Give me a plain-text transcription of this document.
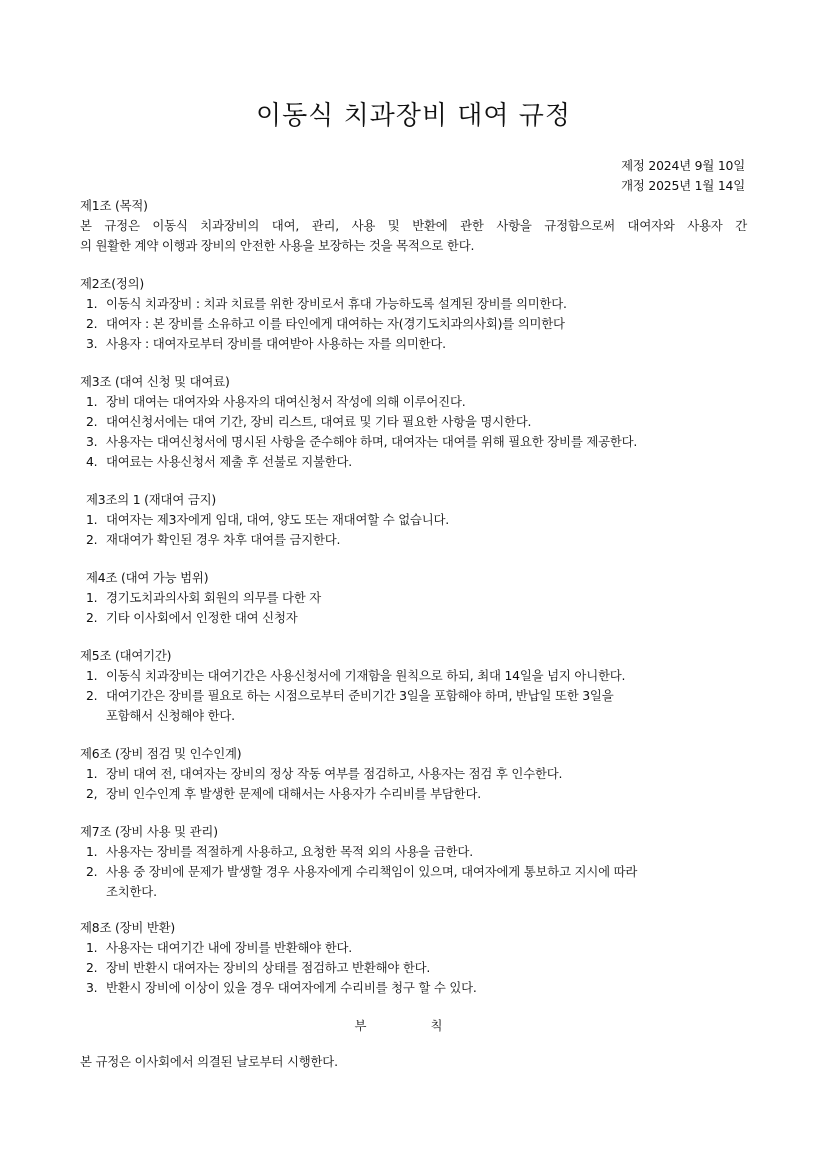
이동식 치과장비 대여 규정
제정 2024년 9월 10일
개정 2025년 1월 14일
제1조 (목적)
본 규정은 이동식 치과장비의 대여, 관리, 사용 및 반환에 관한 사항을 규정함으로써 대여자와 사용자 간
의 원활한 계약 이행과 장비의 안전한 사용을 보장하는 것을 목적으로 한다.
제2조(정의)
1. 이동식 치과장비 : 치과 치료를 위한 장비로서 휴대 가능하도록 설계된 장비를 의미한다.
2. 대여자 : 본 장비를 소유하고 이를 타인에게 대여하는 자(경기도치과의사회)를 의미한다
3. 사용자 : 대여자로부터 장비를 대여받아 사용하는 자를 의미한다.
제3조 (대여 신청 및 대여료)
1. 장비 대여는 대여자와 사용자의 대여신청서 작성에 의해 이루어진다.
2. 대여신청서에는 대여 기간, 장비 리스트, 대여료 및 기타 필요한 사항을 명시한다.
3. 사용자는 대여신청서에 명시된 사항을 준수해야 하며, 대여자는 대여를 위해 필요한 장비를 제공한다.
4. 대여료는 사용신청서 제출 후 선불로 지불한다.
제3조의 1 (재대여 금지)
1. 대여자는 제3자에게 임대, 대여, 양도 또는 재대여할 수 없습니다.
2. 재대여가 확인된 경우 차후 대여를 금지한다.
제4조 (대여 가능 범위)
1. 경기도치과의사회 회원의 의무를 다한 자
2. 기타 이사회에서 인정한 대여 신청자
제5조 (대여기간)
1. 이동식 치과장비는 대여기간은 사용신청서에 기재함을 원칙으로 하되, 최대 14일을 넘지 아니한다.
2. 대여기간은 장비를 필요로 하는 시점으로부터 준비기간 3일을 포함해야 하며, 반납일 또한 3일을
포함해서 신청해야 한다.
제6조 (장비 점검 및 인수인계)
1. 장비 대여 전, 대여자는 장비의 정상 작동 여부를 점검하고, 사용자는 점검 후 인수한다.
2, 장비 인수인계 후 발생한 문제에 대해서는 사용자가 수리비를 부담한다.
제7조 (장비 사용 및 관리)
1. 사용자는 장비를 적절하게 사용하고, 요청한 목적 외의 사용을 금한다.
2. 사용 중 장비에 문제가 발생할 경우 사용자에게 수리책임이 있으며, 대여자에게 통보하고 지시에 따라
조치한다.
제8조 (장비 반환)
1. 사용자는 대여기간 내에 장비를 반환해야 한다.
2. 장비 반환시 대여자는 장비의 상태를 점검하고 반환해야 한다.
3. 반환시 장비에 이상이 있을 경우 대여자에게 수리비를 청구 할 수 있다.
부 칙
본 규정은 이사회에서 의결된 날로부터 시행한다.
